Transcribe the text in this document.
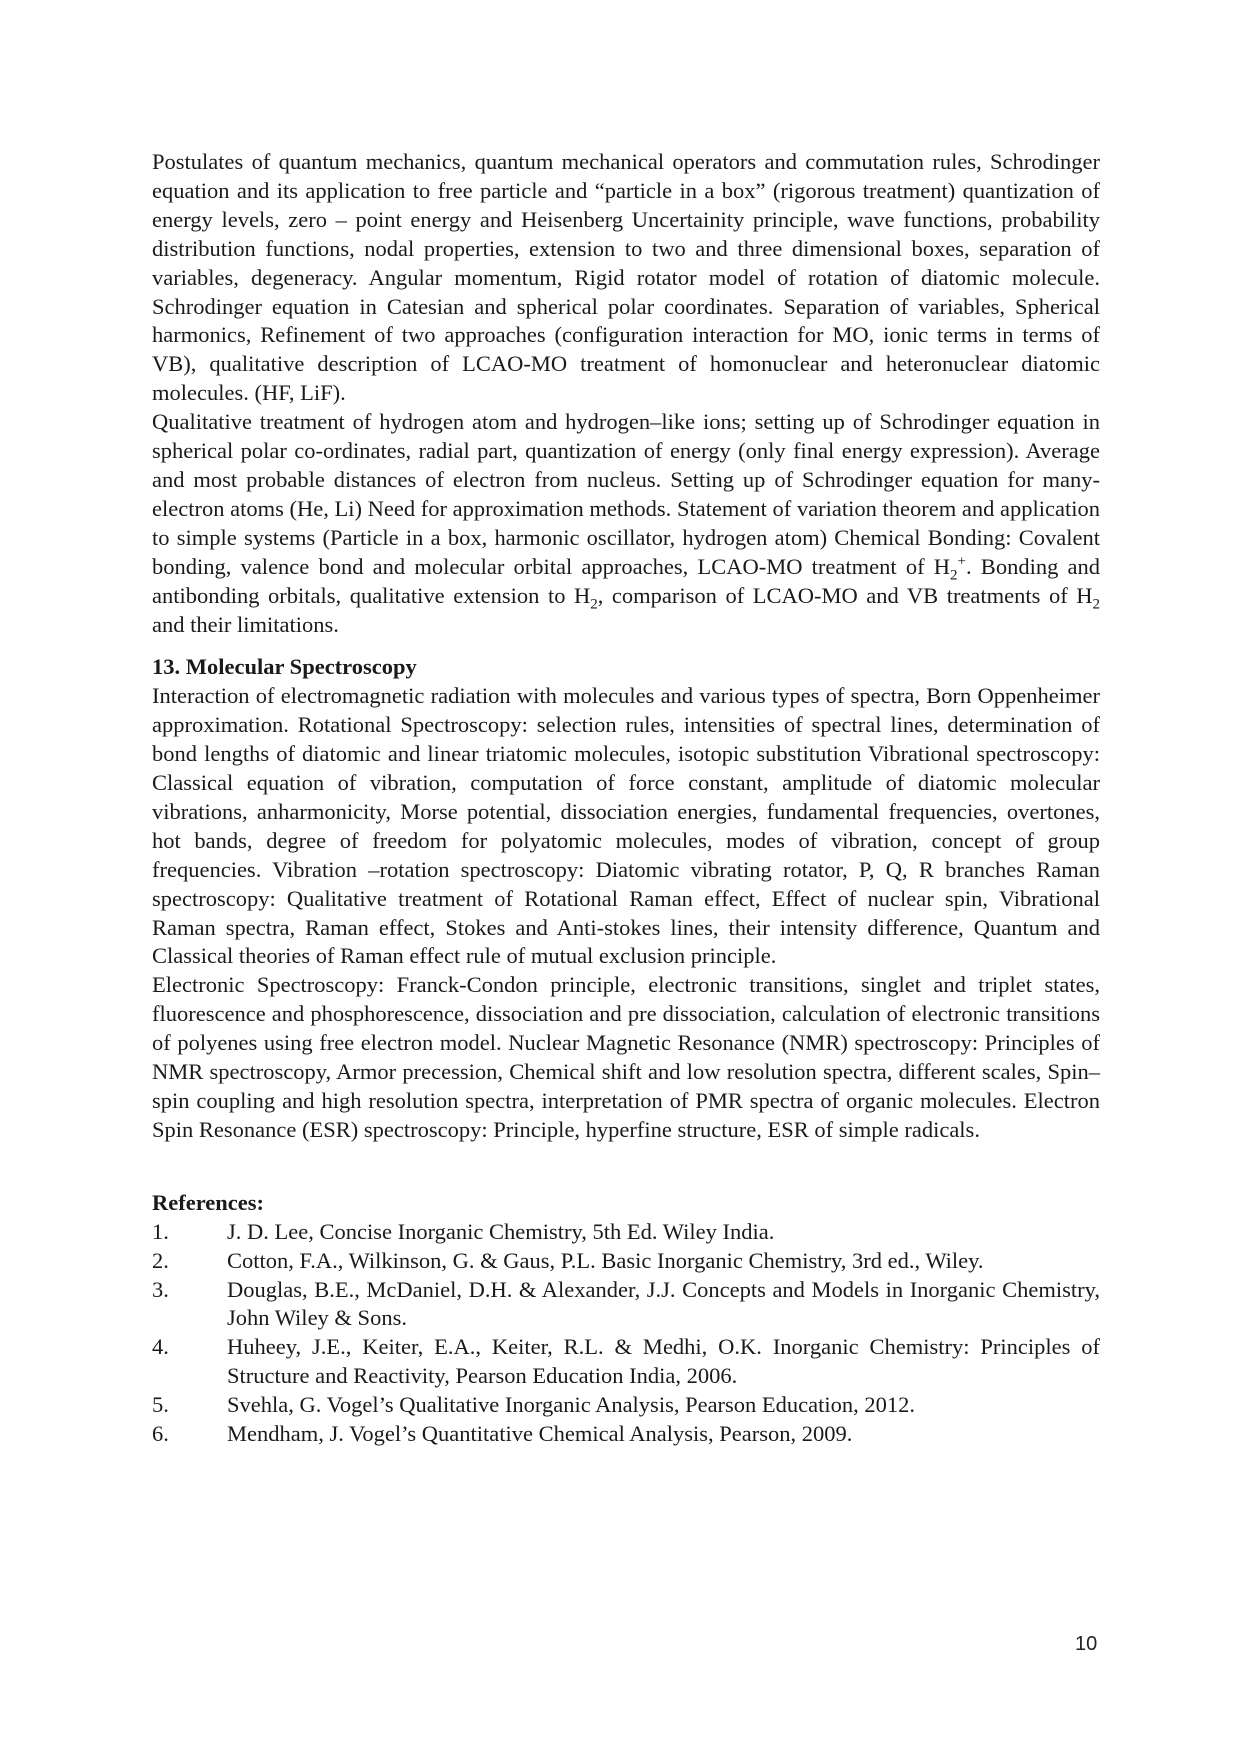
Postulates of quantum mechanics, quantum mechanical operators and commutation rules, Schrodinger equation and its application to free particle and “particle in a box” (rigorous treatment) quantization of energy levels, zero – point energy and Heisenberg Uncertainity principle, wave functions, probability distribution functions, nodal properties, extension to two and three dimensional boxes, separation of variables, degeneracy. Angular momentum, Rigid rotator model of rotation of diatomic molecule. Schrodinger equation in Catesian and spherical polar coordinates. Separation of variables, Spherical harmonics, Refinement of two approaches (configuration interaction for MO, ionic terms in terms of VB), qualitative description of LCAO-MO treatment of homonuclear and heteronuclear diatomic molecules. (HF, LiF).

Qualitative treatment of hydrogen atom and hydrogen–like ions; setting up of Schrodinger equation in spherical polar co-ordinates, radial part, quantization of energy (only final energy expression). Average and most probable distances of electron from nucleus. Setting up of Schrodinger equation for many-electron atoms (He, Li) Need for approximation methods. Statement of variation theorem and application to simple systems (Particle in a box, harmonic oscillator, hydrogen atom) Chemical Bonding: Covalent bonding, valence bond and molecular orbital approaches, LCAO-MO treatment of $H_2^+$. Bonding and antibonding orbitals, qualitative extension to $H_2$, comparison of LCAO-MO and VB treatments of $H_2$ and their limitations.

13. Molecular Spectroscopy

Interaction of electromagnetic radiation with molecules and various types of spectra, Born Oppenheimer approximation. Rotational Spectroscopy: selection rules, intensities of spectral lines, determination of bond lengths of diatomic and linear triatomic molecules, isotopic substitution Vibrational spectroscopy: Classical equation of vibration, computation of force constant, amplitude of diatomic molecular vibrations, anharmonicity, Morse potential, dissociation energies, fundamental frequencies, overtones, hot bands, degree of freedom for polyatomic molecules, modes of vibration, concept of group frequencies. Vibration –rotation spectroscopy: Diatomic vibrating rotator, P, Q, R branches Raman spectroscopy: Qualitative treatment of Rotational Raman effect, Effect of nuclear spin, Vibrational Raman spectra, Raman effect, Stokes and Anti-stokes lines, their intensity difference, Quantum and Classical theories of Raman effect rule of mutual exclusion principle.

Electronic Spectroscopy: Franck-Condon principle, electronic transitions, singlet and triplet states, fluorescence and phosphorescence, dissociation and pre dissociation, calculation of electronic transitions of polyenes using free electron model. Nuclear Magnetic Resonance (NMR) spectroscopy: Principles of NMR spectroscopy, Armor precession, Chemical shift and low resolution spectra, different scales, Spin–spin coupling and high resolution spectra, interpretation of PMR spectra of organic molecules. Electron Spin Resonance (ESR) spectroscopy: Principle, hyperfine structure, ESR of simple radicals.

References:

1.	J. D. Lee, Concise Inorganic Chemistry, 5th Ed. Wiley India.
2.	Cotton, F.A., Wilkinson, G. & Gaus, P.L. Basic Inorganic Chemistry, 3rd ed., Wiley.
3.	Douglas, B.E., McDaniel, D.H. & Alexander, J.J. Concepts and Models in Inorganic Chemistry, John Wiley & Sons.
4.	Huheey, J.E., Keiter, E.A., Keiter, R.L. & Medhi, O.K. Inorganic Chemistry: Principles of Structure and Reactivity, Pearson Education India, 2006.
5.	Svehla, G. Vogel’s Qualitative Inorganic Analysis, Pearson Education, 2012.
6.	Mendham, J. Vogel’s Quantitative Chemical Analysis, Pearson, 2009.
10
